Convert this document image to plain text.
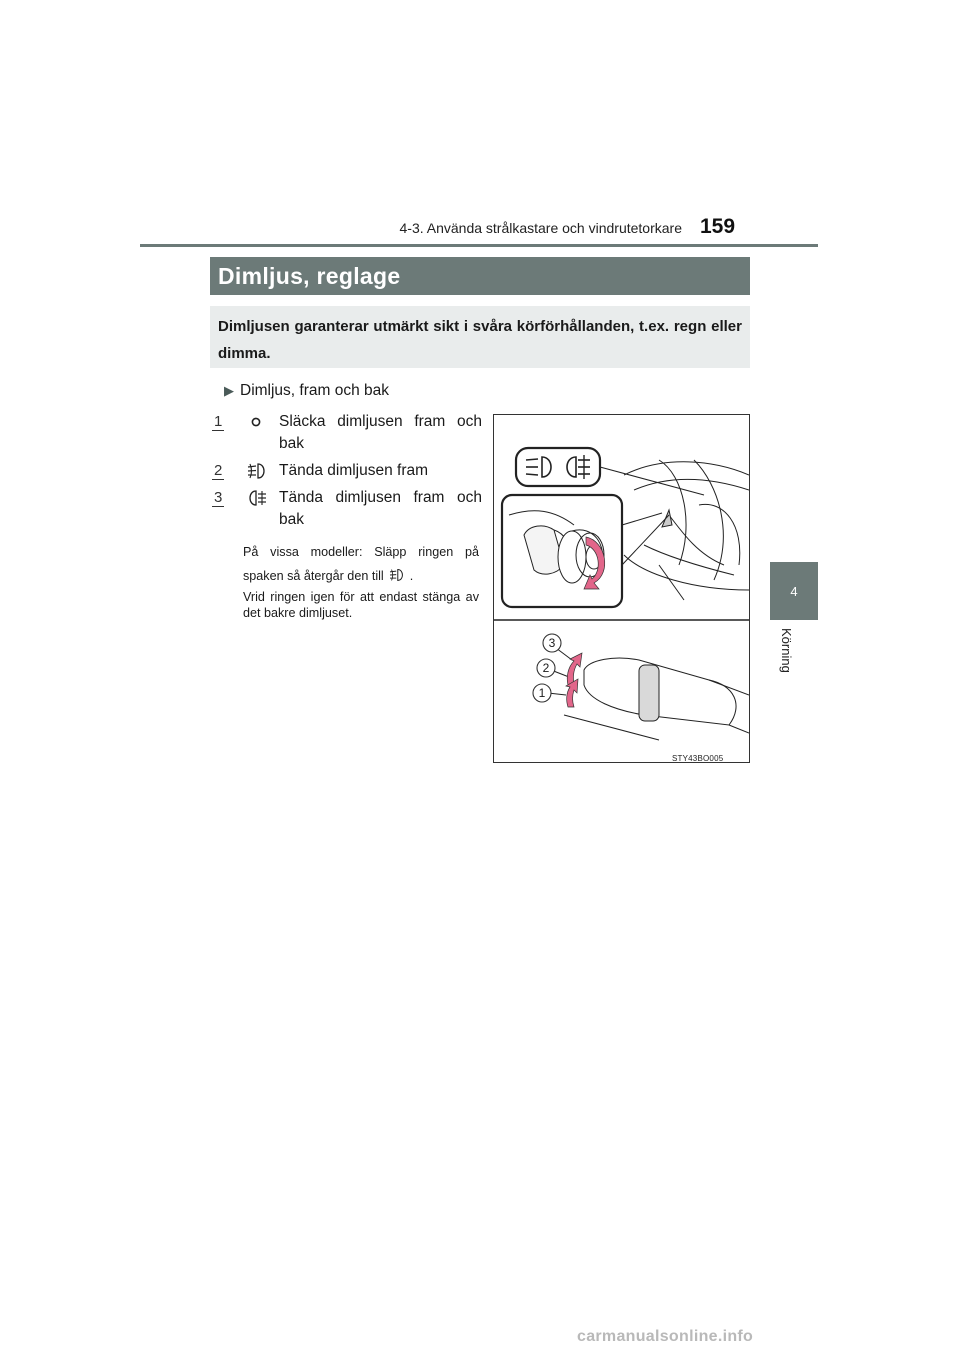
4-3. Använda strålkastare och vindrutetorkare 159
4
Körning
Dimljus, reglage
Dimljusen garanterar utmärkt sikt i svåra körförhållanden, t.ex. regn eller dimma.
▶ Dimljus, fram och bak
1	Släcka dimljusen fram och bak
2	Tända dimljusen fram
3	Tända dimljusen fram och bak
På vissa modeller: Släpp ringen på spaken så återgår den till .
Vrid ringen igen för att endast stänga av det bakre dimljuset.
3
2
1
STY43BO005
carmanualsonline.info
